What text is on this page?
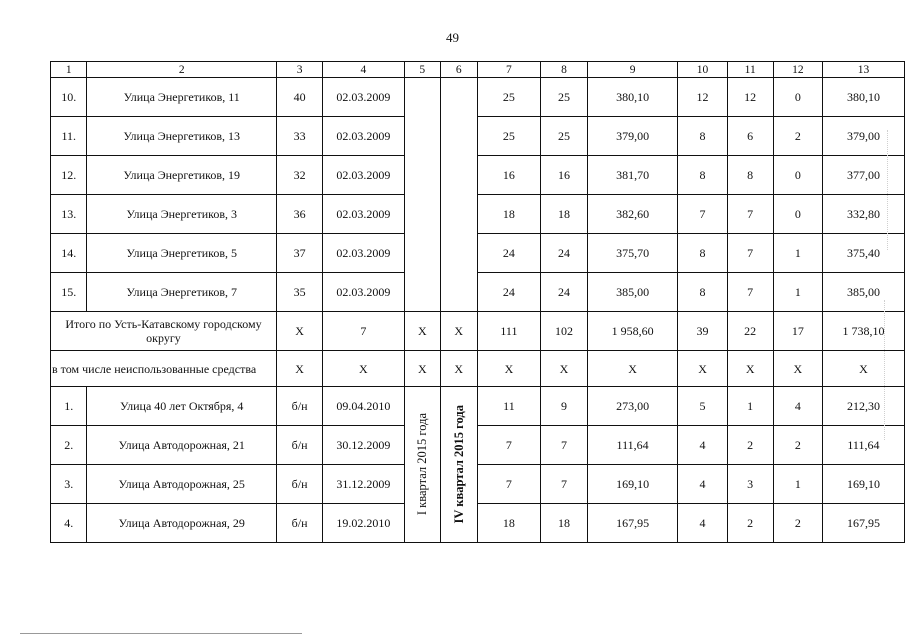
49
1	2	3	4	5	6	7	8	9	10	11	12	13
10.	Улица Энергетиков, 11	40	02.03.2009			25	25	380,10	12	12	0	380,10
11.	Улица Энергетиков, 13	33	02.03.2009			25	25	379,00	8	6	2	379,00
12.	Улица Энергетиков, 19	32	02.03.2009			16	16	381,70	8	8	0	377,00
13.	Улица Энергетиков, 3	36	02.03.2009			18	18	382,60	7	7	0	332,80
14.	Улица Энергетиков, 5	37	02.03.2009			24	24	375,70	8	7	1	375,40
15.	Улица Энергетиков, 7	35	02.03.2009			24	24	385,00	8	7	1	385,00
Итого по Усть-Катавскому городскому округу		X	7	X	X	111	102	1 958,60	39	22	17	1 738,10
в том числе неиспользованные средства		X	X	X	X	X	X	X	X	X	X	X
1.	Улица 40 лет Октября, 4	б/н	09.04.2010	I квартал 2015 года	IV квартал 2015 года	11	9	273,00	5	1	4	212,30
2.	Улица Автодорожная, 21	б/н	30.12.2009			7	7	111,64	4	2	2	111,64
3.	Улица Автодорожная, 25	б/н	31.12.2009			7	7	169,10	4	3	1	169,10
4.	Улица Автодорожная, 29	б/н	19.02.2010			18	18	167,95	4	2	2	167,95
